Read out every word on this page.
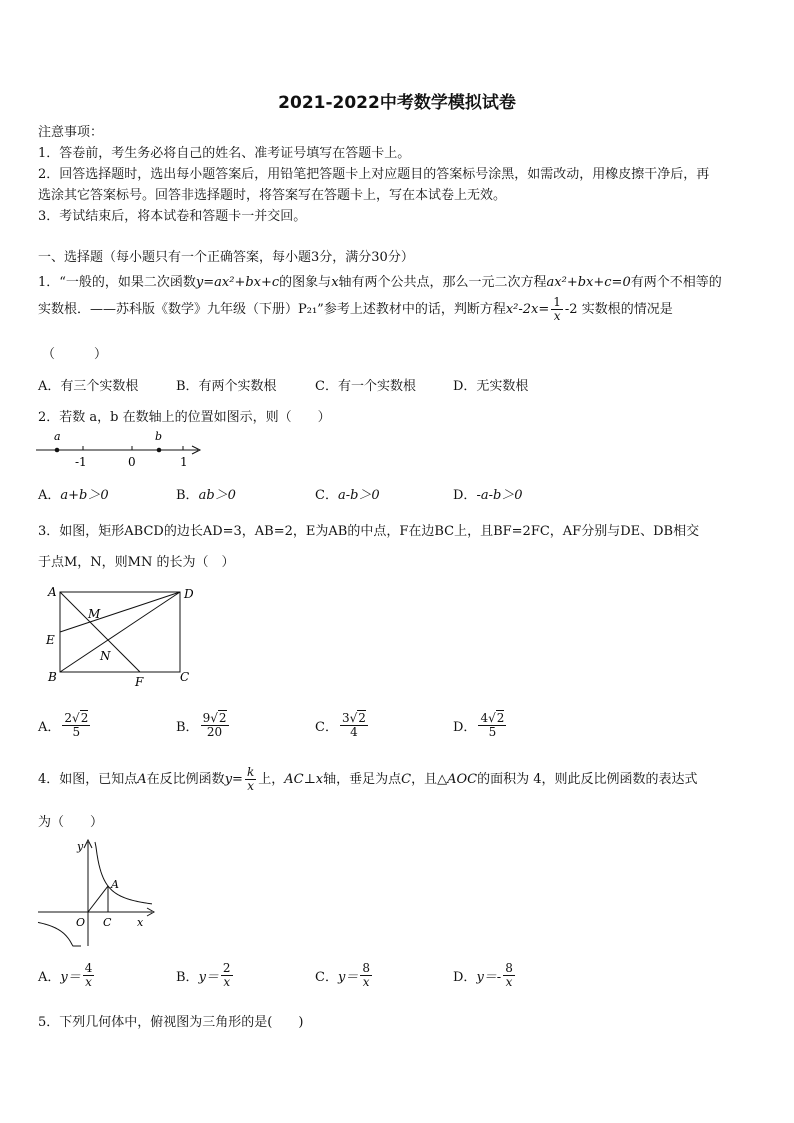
2021-2022中考数学模拟试卷
注意事项：
1．答卷前，考生务必将自己的姓名、准考证号填写在答题卡上。
2．回答选择题时，选出每小题答案后，用铅笔把答题卡上对应题目的答案标号涂黑，如需改动，用橡皮擦干净后，再
选涂其它答案标号。回答非选择题时，将答案写在答题卡上，写在本试卷上无效。
3．考试结束后，将本试卷和答题卡一并交回。
一、选择题（每小题只有一个正确答案，每小题3分，满分30分）
1．“一般的，如果二次函数y=ax²+bx+c的图象与x轴有两个公共点，那么一元二次方程ax²+bx+c=0有两个不相等的
实数根．——苏科版《数学》九年级（下册）P₂₁”参考上述教材中的话，判断方程$x^2-2x= \frac{1}{x} -2$ 实数根的情况是
（　　　）
A．有三个实数根	B．有两个实数根	C．有一个实数根	D．无实数根
2．若数 a，b 在数轴上的位置如图示，则（　　）
a	b
-1	0	1
A．a+b＞0	B．ab＞0	C．a-b＞0	D．-a-b＞0
3．如图，矩形ABCD的边长AD=3，AB=2，E为AB的中点，F在边BC上，且BF=2FC，AF分别与DE、DB相交
于点M，N，则MN 的长为（　）
A	D
M
E
N
B	F	C
A． $\frac{2√2}{5}$	B． $\frac{9√2}{20}$	C． $\frac{3√2}{4}$	D． $\frac{4√2}{5}$
4．如图，已知点A在反比例函数$y= \frac{k}{x}$ 上，AC⊥x轴，垂足为点C，且△AOC的面积为 4，则此反比例函数的表达式
为（　　）
y
A
O C x
A．$y= \frac{4}{x}$	B．$y= \frac{2}{x}$	C．$y= \frac{8}{x}$	D．$y=- \frac{8}{x}$
5．下列几何体中，俯视图为三角形的是(　　)
